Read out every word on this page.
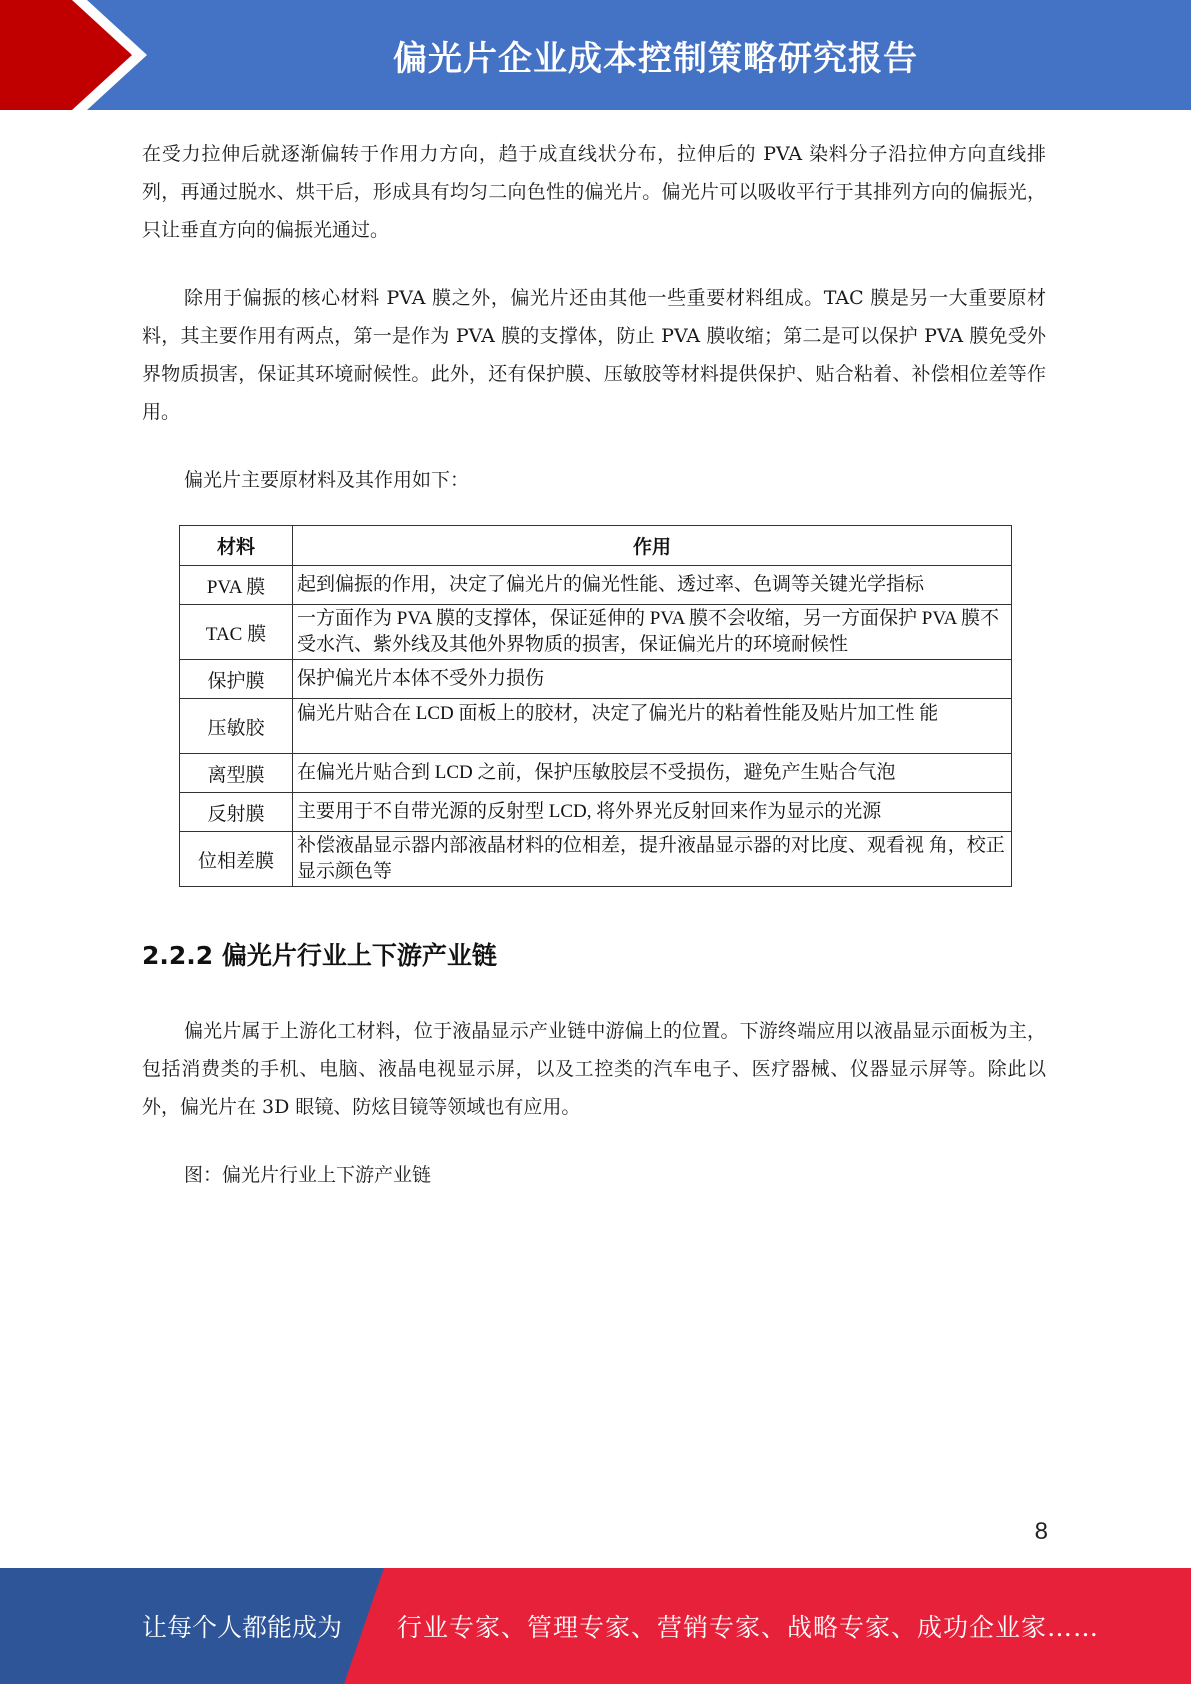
偏光片企业成本控制策略研究报告

在受力拉伸后就逐渐偏转于作用力方向，趋于成直线状分布，拉伸后的 PVA 染料分子沿拉伸方向直线排列，再通过脱水、烘干后，形成具有均匀二向色性的偏光片。偏光片可以吸收平行于其排列方向的偏振光，只让垂直方向的偏振光通过。

除用于偏振的核心材料 PVA 膜之外，偏光片还由其他一些重要材料组成。TAC 膜是另一大重要原材料，其主要作用有两点，第一是作为 PVA 膜的支撑体，防止 PVA 膜收缩；第二是可以保护 PVA 膜免受外界物质损害，保证其环境耐候性。此外，还有保护膜、压敏胶等材料提供保护、贴合粘着、补偿相位差等作用。

偏光片主要原材料及其作用如下：

材料	作用
PVA 膜	起到偏振的作用，决定了偏光片的偏光性能、透过率、色调等关键光学指标
TAC 膜	一方面作为 PVA 膜的支撑体，保证延伸的 PVA 膜不会收缩，另一方面保护 PVA 膜不受水汽、紫外线及其他外界物质的损害，保证偏光片的环境耐候性
保护膜	保护偏光片本体不受外力损伤
压敏胶	偏光片贴合在 LCD 面板上的胶材，决定了偏光片的粘着性能及贴片加工性 能
离型膜	在偏光片贴合到 LCD 之前，保护压敏胶层不受损伤，避免产生贴合气泡
反射膜	主要用于不自带光源的反射型 LCD, 将外界光反射回来作为显示的光源
位相差膜	补偿液晶显示器内部液晶材料的位相差，提升液晶显示器的对比度、观看视 角，校正显示颜色等
2.2.2 偏光片行业上下游产业链

偏光片属于上游化工材料，位于液晶显示产业链中游偏上的位置。下游终端应用以液晶显示面板为主，包括消费类的手机、电脑、液晶电视显示屏，以及工控类的汽车电子、医疗器械、仪器显示屏等。除此以外，偏光片在 3D 眼镜、防炫目镜等领域也有应用。

图：偏光片行业上下游产业链

8
让每个人都能成为 行业专家、管理专家、营销专家、战略专家、成功企业家……
